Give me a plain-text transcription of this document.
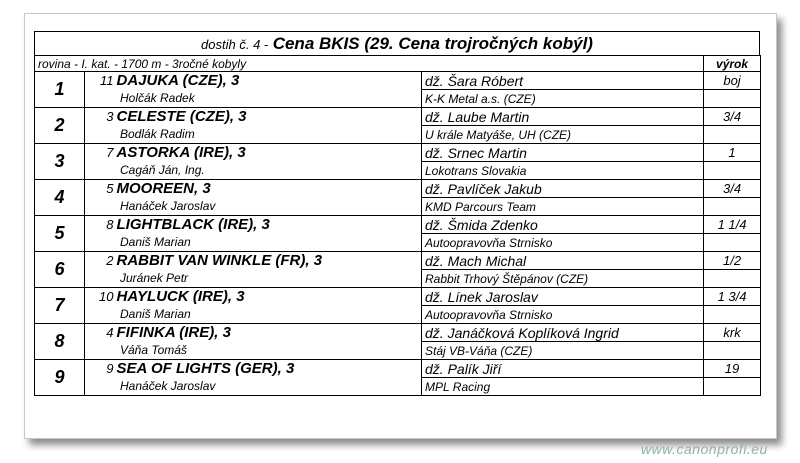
dostih č. 4 - Cena BKIS (29. Cena trojročných kobýl)
rovina - I. kat. - 1700 m - 3ročné kobyly				výrok
1	11	DAJUKA (CZE), 3	dž. Šara Róbert	boj
	Holčák Radek		K-K Metal a.s. (CZE)	
2	3	CELESTE (CZE), 3	dž. Laube Martin	3/4
	Bodlák Radim		U krále Matyáše, UH (CZE)	
3	7	ASTORKA (IRE), 3	dž. Srnec Martin	1
	Cagáň Ján, Ing.		Lokotrans Slovakia	
4	5	MOOREEN, 3	dž. Pavlíček Jakub	3/4
	Hanáček Jaroslav		KMD Parcours Team	
5	8	LIGHTBLACK (IRE), 3	dž. Šmida Zdenko	1 1/4
	Daniš Marian		Autoopravovňa Strnisko	
6	2	RABBIT VAN WINKLE (FR), 3	dž. Mach Michal	1/2
	Juránek Petr		Rabbit Trhový Štěpánov (CZE)	
7	10	HAYLUCK (IRE), 3	dž. Línek Jaroslav	1 3/4
	Daniš Marian		Autoopravovňa Strnisko	
8	4	FIFINKA (IRE), 3	dž. Janáčková Koplíková Ingrid	krk
	Váňa Tomáš		Stáj VB-Váňa (CZE)	
9	9	SEA OF LIGHTS (GER), 3	dž. Palík Jiří	19
	Hanáček Jaroslav		MPL Racing	
www.canonprofi.eu
